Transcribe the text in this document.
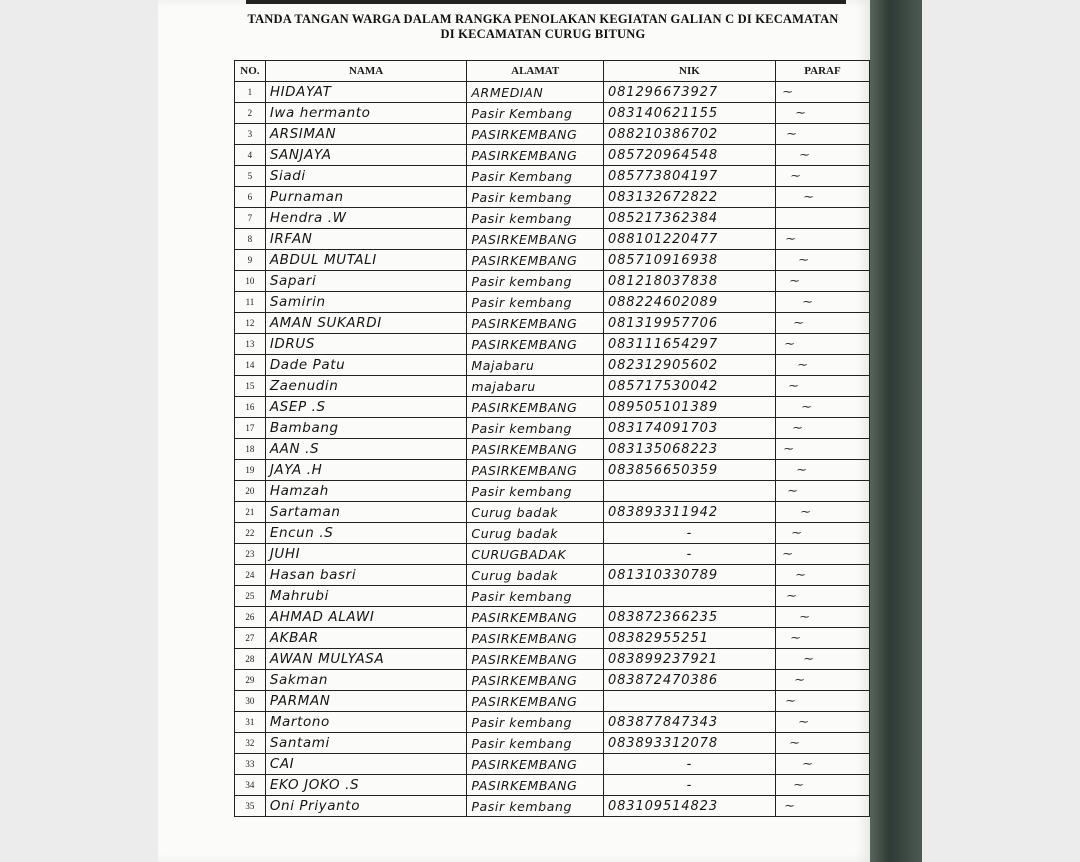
TANDA TANGAN WARGA DALAM RANGKA PENOLAKAN KEGIATAN GALIAN C DI KECAMATAN
DI KECAMATAN CURUG BITUNG
NO.	NAMA	ALAMAT	NIK	PARAF
1	HIDAYAT	ARMEDIAN	081296673927	~
2	Iwa hermanto	Pasir Kembang	083140621155	~
3	ARSIMAN	PASIRKEMBANG	088210386702	~
4	SANJAYA	PASIRKEMBANG	085720964548	~
5	Siadi	Pasir Kembang	085773804197	~
6	Purnaman	Pasir kembang	083132672822	~
7	Hendra .W	Pasir kembang	085217362384	
8	IRFAN	PASIRKEMBANG	088101220477	~
9	ABDUL MUTALI	PASIRKEMBANG	085710916938	~
10	Sapari	Pasir kembang	081218037838	~
11	Samirin	Pasir kembang	088224602089	~
12	AMAN SUKARDI	PASIRKEMBANG	081319957706	~
13	IDRUS	PASIRKEMBANG	083111654297	~
14	Dade Patu	Majabaru	082312905602	~
15	Zaenudin	majabaru	085717530042	~
16	ASEP .S	PASIRKEMBANG	089505101389	~
17	Bambang	Pasir kembang	083174091703	~
18	AAN .S	PASIRKEMBANG	083135068223	~
19	JAYA .H	PASIRKEMBANG	083856650359	~
20	Hamzah	Pasir kembang		~
21	Sartaman	Curug badak	083893311942	~
22	Encun .S	Curug badak	-	~
23	JUHI	CURUGBADAK	-	~
24	Hasan basri	Curug badak	081310330789	~
25	Mahrubi	Pasir kembang		~
26	AHMAD ALAWI	PASIRKEMBANG	083872366235	~
27	AKBAR	PASIRKEMBANG	08382955251	~
28	AWAN MULYASA	PASIRKEMBANG	083899237921	~
29	Sakman	PASIRKEMBANG	083872470386	~
30	PARMAN	PASIRKEMBANG		~
31	Martono	Pasir kembang	083877847343	~
32	Santami	Pasir kembang	083893312078	~
33	CAI	PASIRKEMBANG	-	~
34	EKO JOKO .S	PASIRKEMBANG	-	~
35	Oni Priyanto	Pasir kembang	083109514823	~
